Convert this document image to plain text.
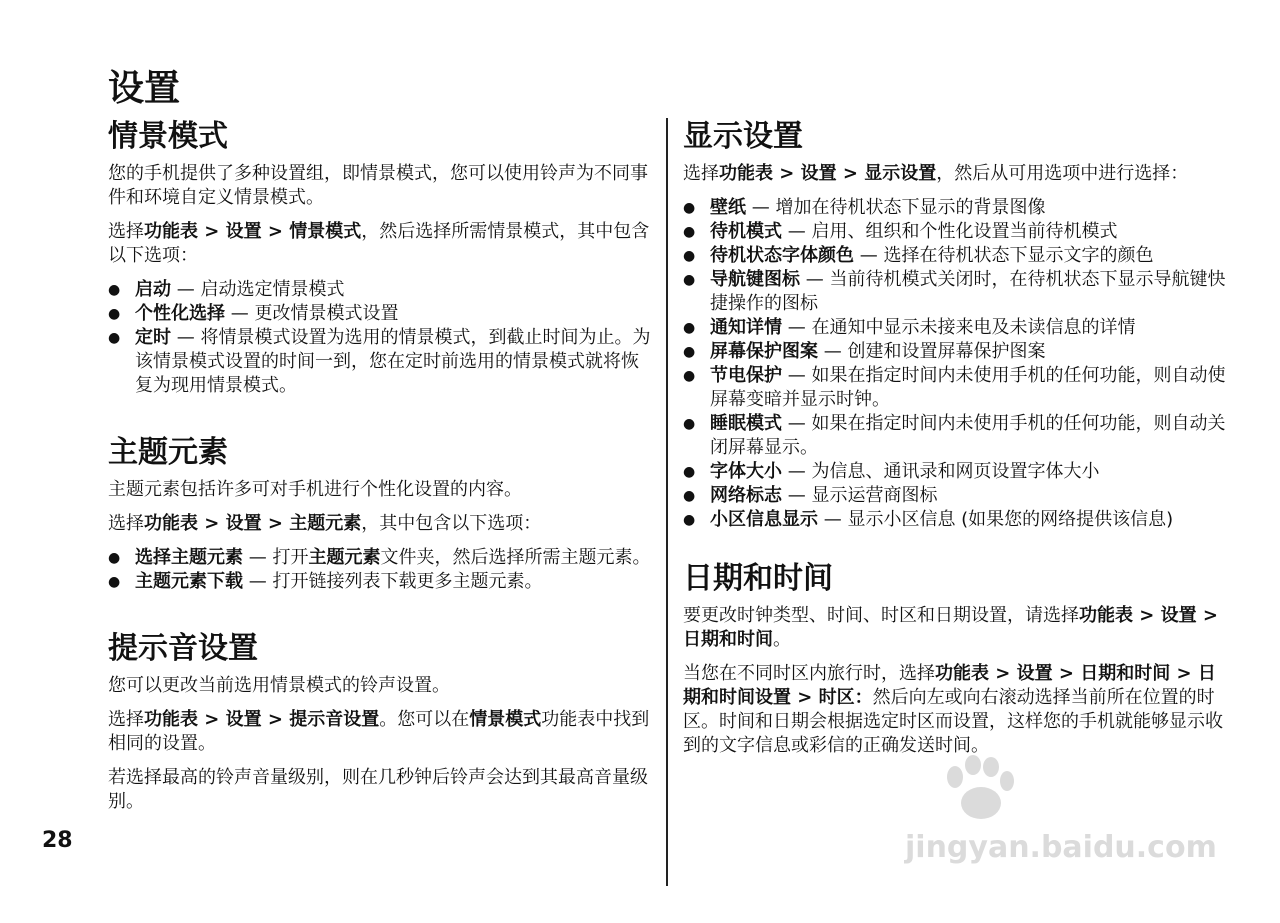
设置
情景模式

您的手机提供了多种设置组，即情景模式，您可以使用铃声为不同事件和环境自定义情景模式。

选择功能表 > 设置 > 情景模式，然后选择所需情景模式，其中包含以下选项：

● 启动 — 启动选定情景模式
● 个性化选择 — 更改情景模式设置
● 定时 — 将情景模式设置为选用的情景模式，到截止时间为止。为该情景模式设置的时间一到，您在定时前选用的情景模式就将恢复为现用情景模式。
主题元素

主题元素包括许多可对手机进行个性化设置的内容。

选择功能表 > 设置 > 主题元素，其中包含以下选项：

● 选择主题元素 — 打开主题元素文件夹，然后选择所需主题元素。
● 主题元素下载 — 打开链接列表下载更多主题元素。
提示音设置

您可以更改当前选用情景模式的铃声设置。

选择功能表 > 设置 > 提示音设置。您可以在情景模式功能表中找到相同的设置。

若选择最高的铃声音量级别，则在几秒钟后铃声会达到其最高音量级别。

显示设置

选择功能表 > 设置 > 显示设置，然后从可用选项中进行选择：

● 壁纸 — 增加在待机状态下显示的背景图像
● 待机模式 — 启用、组织和个性化设置当前待机模式
● 待机状态字体颜色 — 选择在待机状态下显示文字的颜色
● 导航键图标 — 当前待机模式关闭时，在待机状态下显示导航键快捷操作的图标
● 通知详情 — 在通知中显示未接来电及未读信息的详情
● 屏幕保护图案 — 创建和设置屏幕保护图案
● 节电保护 — 如果在指定时间内未使用手机的任何功能，则自动使屏幕变暗并显示时钟。
● 睡眠模式 — 如果在指定时间内未使用手机的任何功能，则自动关闭屏幕显示。
● 字体大小 — 为信息、通讯录和网页设置字体大小
● 网络标志 — 显示运营商图标
● 小区信息显示 — 显示小区信息 (如果您的网络提供该信息)
日期和时间

要更改时钟类型、时间、时区和日期设置，请选择功能表 > 设置 > 日期和时间。

当您在不同时区内旅行时，选择功能表 > 设置 > 日期和时间 > 日期和时间设置 > 时区：然后向左或向右滚动选择当前所在位置的时区。时间和日期会根据选定时区而设置，这样您的手机就能够显示收到的文字信息或彩信的正确发送时间。

28	jingyan.baidu.com
